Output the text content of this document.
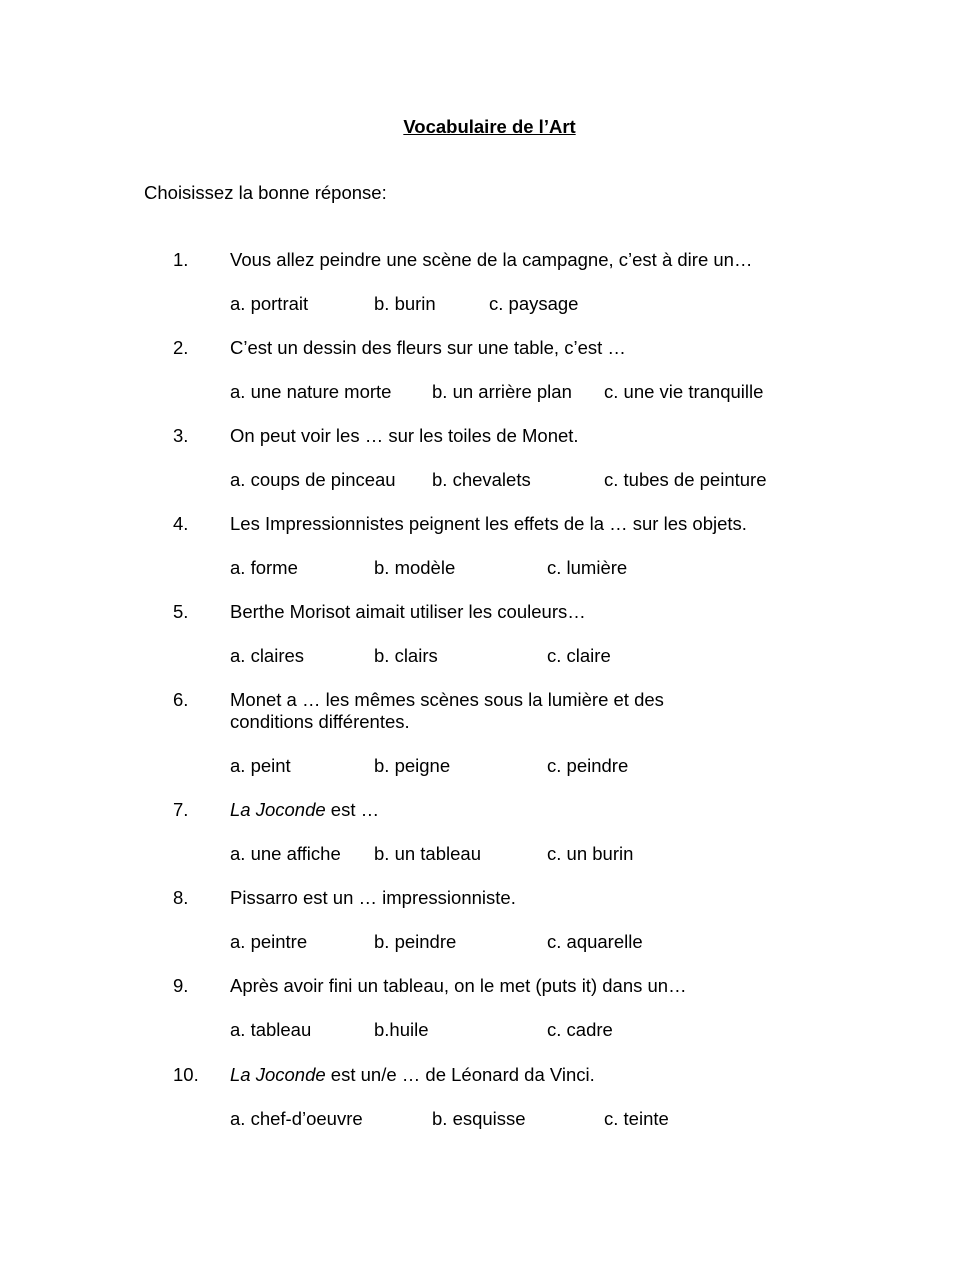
Vocabulaire de l’Art
Choisissez la bonne réponse:
1. Vous allez peindre une scène de la campagne, c’est à dire un…
a. portrait	b. burin	c. paysage
2. C’est un dessin des fleurs sur une table, c’est …
a. une nature morte b. un arrière plan c. une vie tranquille
3. On peut voir les … sur les toiles de Monet.
a. coups de pinceau b. chevalets	c. tubes de peinture
4. Les Impressionnistes peignent les effets de la … sur les objets.
a. forme	b. modèle	c. lumière
5. Berthe Morisot aimait utiliser les couleurs…
a. claires	b. clairs	c. claire
6. Monet a … les mêmes scènes sous la lumière et des
conditions différentes.
a. peint	b. peigne	c. peindre
7. La Joconde est …
a. une affiche b. un tableau	c. un burin
8. Pissarro est un … impressionniste.
a. peintre	b. peindre	c. aquarelle
9. Après avoir fini un tableau, on le met (puts it) dans un…
a. tableau	b.huile	c. cadre
10. La Joconde est un/e … de Léonard da Vinci.
a. chef-d’oeuvre	b. esquisse	c. teinte
